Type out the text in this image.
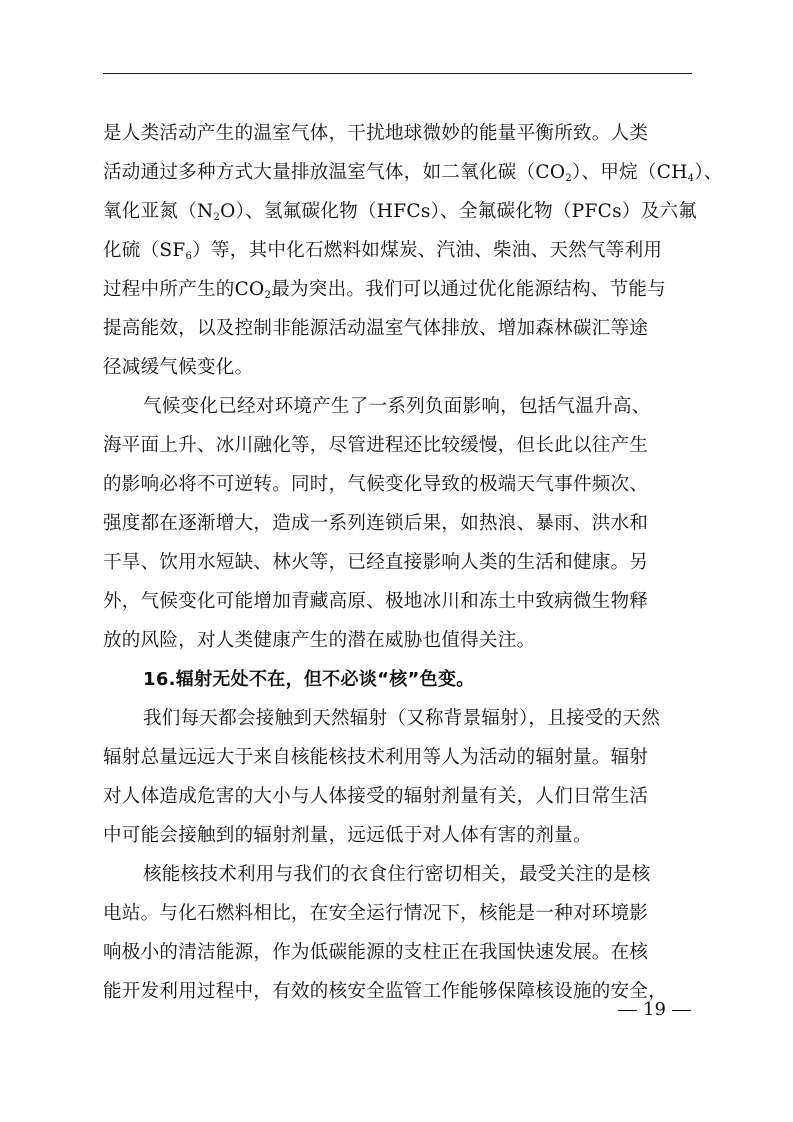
是人类活动产生的温室气体，干扰地球微妙的能量平衡所致。人类
活动通过多种方式大量排放温室气体，如二氧化碳$(CO_2)$、甲烷$(CH_4)$、
氧化亚氮$(N_2O)$、氢氟碳化物（HFCs）、全氟碳化物（PFCs）及六氟
化硫$(SF_6)$等，其中化石燃料如煤炭、汽油、柴油、天然气等利用
过程中所产生的$CO_2$最为突出。我们可以通过优化能源结构、节能与
提高能效，以及控制非能源活动温室气体排放、增加森林碳汇等途
径减缓气候变化。
气候变化已经对环境产生了一系列负面影响，包括气温升高、
海平面上升、冰川融化等，尽管进程还比较缓慢，但长此以往产生
的影响必将不可逆转。同时，气候变化导致的极端天气事件频次、
强度都在逐渐增大，造成一系列连锁后果，如热浪、暴雨、洪水和
干旱、饮用水短缺、林火等，已经直接影响人类的生活和健康。另
外，气候变化可能增加青藏高原、极地冰川和冻土中致病微生物释
放的风险，对人类健康产生的潜在威胁也值得关注。
16.辐射无处不在，但不必谈“核”色变。
我们每天都会接触到天然辐射（又称背景辐射），且接受的天然
辐射总量远远大于来自核能核技术利用等人为活动的辐射量。辐射
对人体造成危害的大小与人体接受的辐射剂量有关，人们日常生活
中可能会接触到的辐射剂量，远远低于对人体有害的剂量。
核能核技术利用与我们的衣食住行密切相关，最受关注的是核
电站。与化石燃料相比，在安全运行情况下，核能是一种对环境影
响极小的清洁能源，作为低碳能源的支柱正在我国快速发展。在核
能开发利用过程中，有效的核安全监管工作能够保障核设施的安全，
19
